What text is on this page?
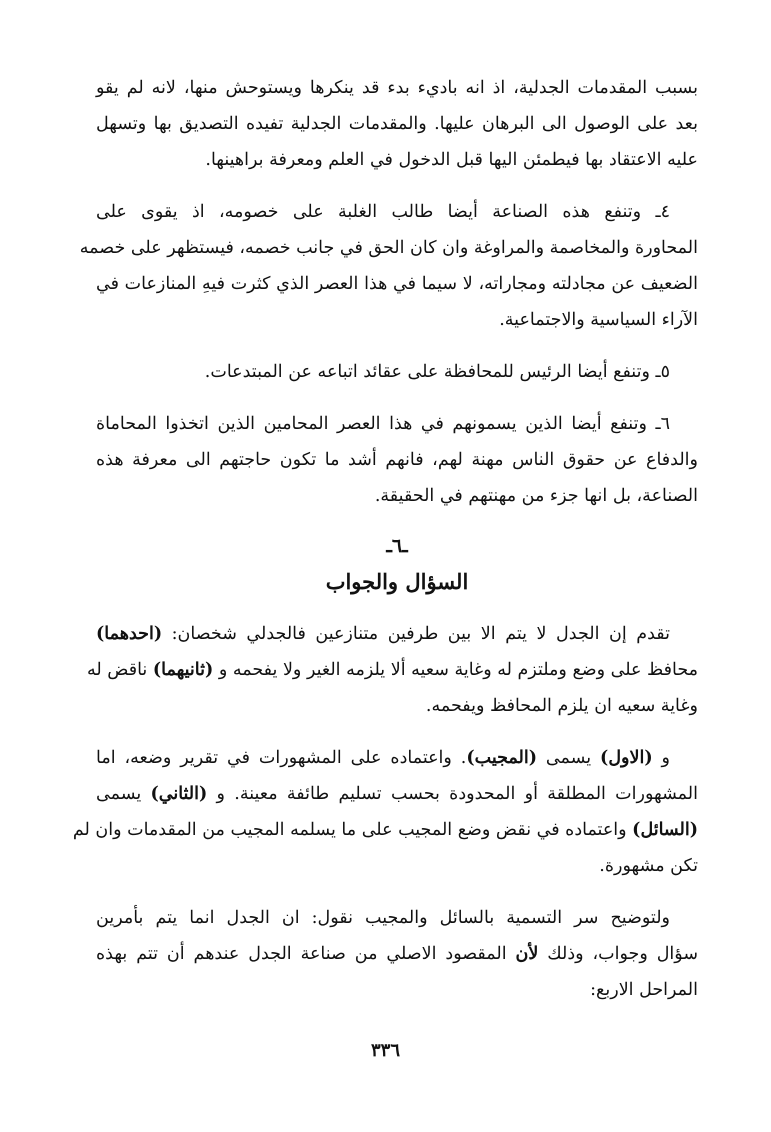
بسبب المقدمات الجدلية، اذ انه باديء بدء قد ينكرها ويستوحش منها، لانه لم يقو
بعد على الوصول الى البرهان عليها. والمقدمات الجدلية تفيده التصديق بها وتسهل
عليه الاعتقاد بها فيطمئن اليها قبل الدخول في العلم ومعرفة براهينها.
٤ـ وتنفع هذه الصناعة أيضا طالب الغلبة على خصومه، اذ يقوى على
المحاورة والمخاصمة والمراوغة وان كان الحق في جانب خصمه، فيستظهر على خصمه
الضعيف عن مجادلته ومجاراته، لا سيما في هذا العصر الذي كثرت فيهِ المنازعات في
الآراء السياسية والاجتماعية.
٥ـ وتنفع أيضا الرئيس للمحافظة على عقائد اتباعه عن المبتدعات.
٦ـ وتنفع أيضا الذين يسمونهم في هذا العصر المحامين الذين اتخذوا المحاماة
والدفاع عن حقوق الناس مهنة لهم، فانهم أشد ما تكون حاجتهم الى معرفة هذه
الصناعة، بل انها جزء من مهنتهم في الحقيقة.
ـ٦ـ
السؤال والجواب
تقدم إن الجدل لا يتم الا بين طرفين متنازعين فالجدلي شخصان: (احدهما)
محافظ على وضع وملتزم له وغاية سعيه ألا يلزمه الغير ولا يفحمه و (ثانيهما) ناقض له
وغاية سعيه ان يلزم المحافظ ويفحمه.
و (الاول) يسمى (المجيب). واعتماده على المشهورات في تقرير وضعه، اما
المشهورات المطلقة أو المحدودة بحسب تسليم طائفة معينة. و (الثاني) يسمى
(السائل) واعتماده في نقض وضع المجيب على ما يسلمه المجيب من المقدمات وان لم
تكن مشهورة.
ولتوضيح سر التسمية بالسائل والمجيب نقول: ان الجدل انما يتم بأمرين
سؤال وجواب، وذلك لأن المقصود الاصلي من صناعة الجدل عندهم أن تتم بهذه
المراحل الاربع:
٣٣٦
